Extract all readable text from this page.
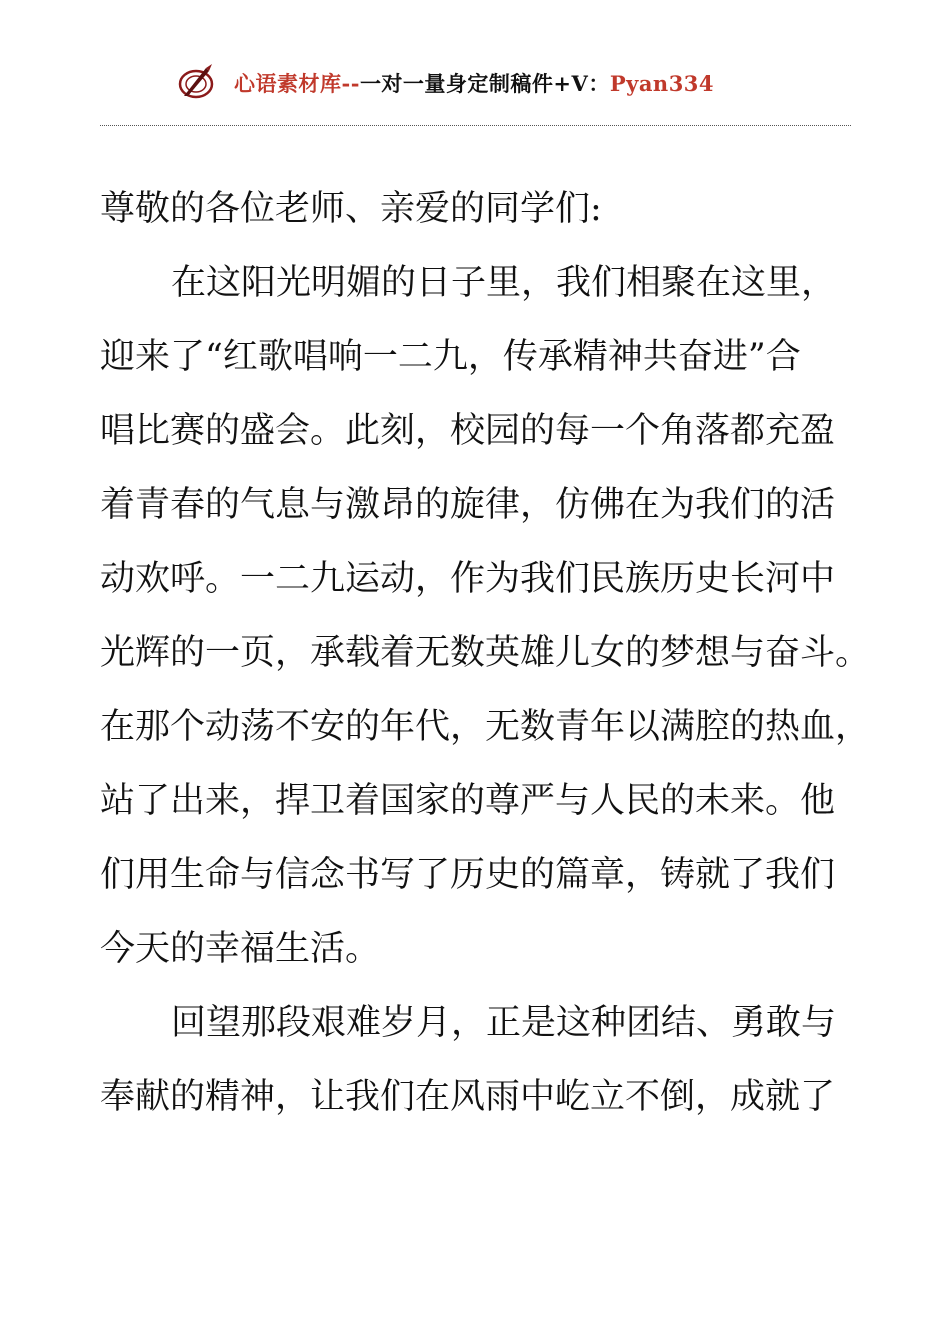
心语素材库--一对一量身定制稿件+V：Pyan334
尊敬的各位老师、亲爱的同学们:
在这阳光明媚的日子里，我们相聚在这里，
迎来了“红歌唱响一二九，传承精神共奋进”合
唱比赛的盛会。此刻，校园的每一个角落都充盈
着青春的气息与激昂的旋律，仿佛在为我们的活
动欢呼。一二九运动，作为我们民族历史长河中
光辉的一页，承载着无数英雄儿女的梦想与奋斗。
在那个动荡不安的年代，无数青年以满腔的热血，
站了出来，捍卫着国家的尊严与人民的未来。他
们用生命与信念书写了历史的篇章，铸就了我们
今天的幸福生活。
回望那段艰难岁月，正是这种团结、勇敢与
奉献的精神，让我们在风雨中屹立不倒，成就了
